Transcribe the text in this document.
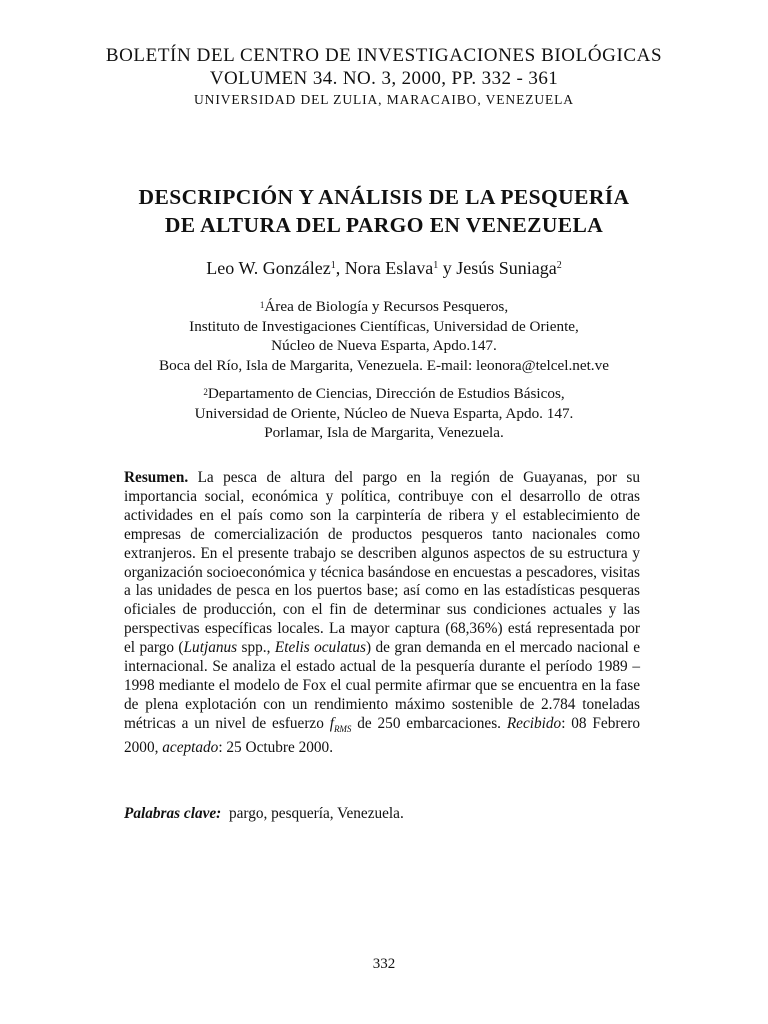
BOLETÍN DEL CENTRO DE INVESTIGACIONES BIOLÓGICAS
VOLUMEN 34. NO. 3, 2000, PP. 332 - 361
UNIVERSIDAD DEL ZULIA, MARACAIBO, VENEZUELA
DESCRIPCIÓN Y ANÁLISIS DE LA PESQUERÍA
DE ALTURA DEL PARGO EN VENEZUELA
Leo W. González$^1$, Nora Eslava$^1$ y Jesús Suniaga$^2$
$^1$Área de Biología y Recursos Pesqueros,
Instituto de Investigaciones Científicas, Universidad de Oriente,
Núcleo de Nueva Esparta, Apdo.147.
Boca del Río, Isla de Margarita, Venezuela. E-mail: leonora@telcel.net.ve
$^2$Departamento de Ciencias, Dirección de Estudios Básicos,
Universidad de Oriente, Núcleo de Nueva Esparta, Apdo. 147.
Porlamar, Isla de Margarita, Venezuela.

Resumen. La pesca de altura del pargo en la región de Guayanas, por su importancia social, económica y política, contribuye con el desarrollo de otras actividades en el país como son la carpintería de ribera y el establecimiento de empresas de comercialización de productos pesqueros tanto nacionales como extranjeros. En el presente trabajo se describen algunos aspectos de su estructura y organización socioeconómica y técnica basándose en encuestas a pescadores, visitas a las unidades de pesca en los puertos base; así como en las estadísticas pesqueras oficiales de producción, con el fin de determinar sus condiciones actuales y las perspectivas específicas locales. La mayor captura (68,36%) está representada por el pargo (Lutjanus spp., Etelis oculatus) de gran demanda en el mercado nacional e internacional. Se analiza el estado actual de la pesquería durante el período 1989 – 1998 mediante el modelo de Fox el cual permite afirmar que se encuentra en la fase de plena explotación con un rendimiento máximo sostenible de 2.784 toneladas métricas a un nivel de esfuerzo $f_{RMS}$ de 250 embarcaciones. Recibido: 08 Febrero 2000, aceptado: 25 Octubre 2000.

Palabras clave: pargo, pesquería, Venezuela.
332
